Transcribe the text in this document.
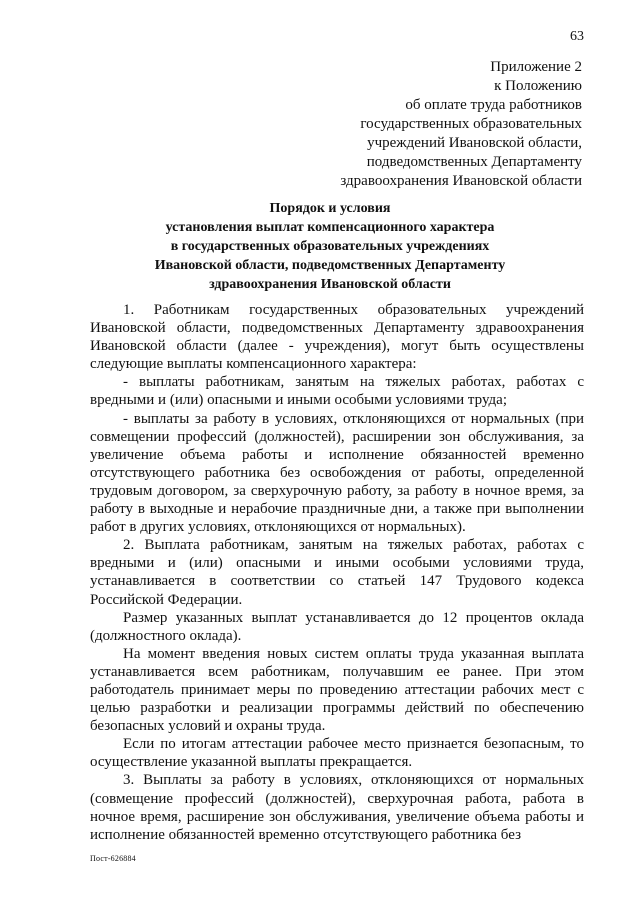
63
Приложение 2
к Положению
об оплате труда работников
государственных образовательных
учреждений Ивановской области,
подведомственных Департаменту
здравоохранения Ивановской области
Порядок и условия
установления выплат компенсационного характера
в государственных образовательных учреждениях
Ивановской области, подведомственных Департаменту
здравоохранения Ивановской области

1. Работникам государственных образовательных учреждений Ивановской области, подведомственных Департаменту здравоохранения Ивановской области (далее - учреждения), могут быть осуществлены следующие выплаты компенсационного характера:

- выплаты работникам, занятым на тяжелых работах, работах с вредными и (или) опасными и иными особыми условиями труда;

- выплаты за работу в условиях, отклоняющихся от нормальных (при совмещении профессий (должностей), расширении зон обслуживания, за увеличение объема работы и исполнение обязанностей временно отсутствующего работника без освобождения от работы, определенной трудовым договором, за сверхурочную работу, за работу в ночное время, за работу в выходные и нерабочие праздничные дни, а также при выполнении работ в других условиях, отклоняющихся от нормальных).

2. Выплата работникам, занятым на тяжелых работах, работах с вредными и (или) опасными и иными особыми условиями труда, устанавливается в соответствии со статьей 147 Трудового кодекса Российской Федерации.

Размер указанных выплат устанавливается до 12 процентов оклада (должностного оклада).

На момент введения новых систем оплаты труда указанная выплата устанавливается всем работникам, получавшим ее ранее. При этом работодатель принимает меры по проведению аттестации рабочих мест с целью разработки и реализации программы действий по обеспечению безопасных условий и охраны труда.

Если по итогам аттестации рабочее место признается безопасным, то осуществление указанной выплаты прекращается.

3. Выплаты за работу в условиях, отклоняющихся от нормальных (совмещение профессий (должностей), сверхурочная работа, работа в ночное время, расширение зон обслуживания, увеличение объема работы и исполнение обязанностей временно отсутствующего работника без

Пост-626884
